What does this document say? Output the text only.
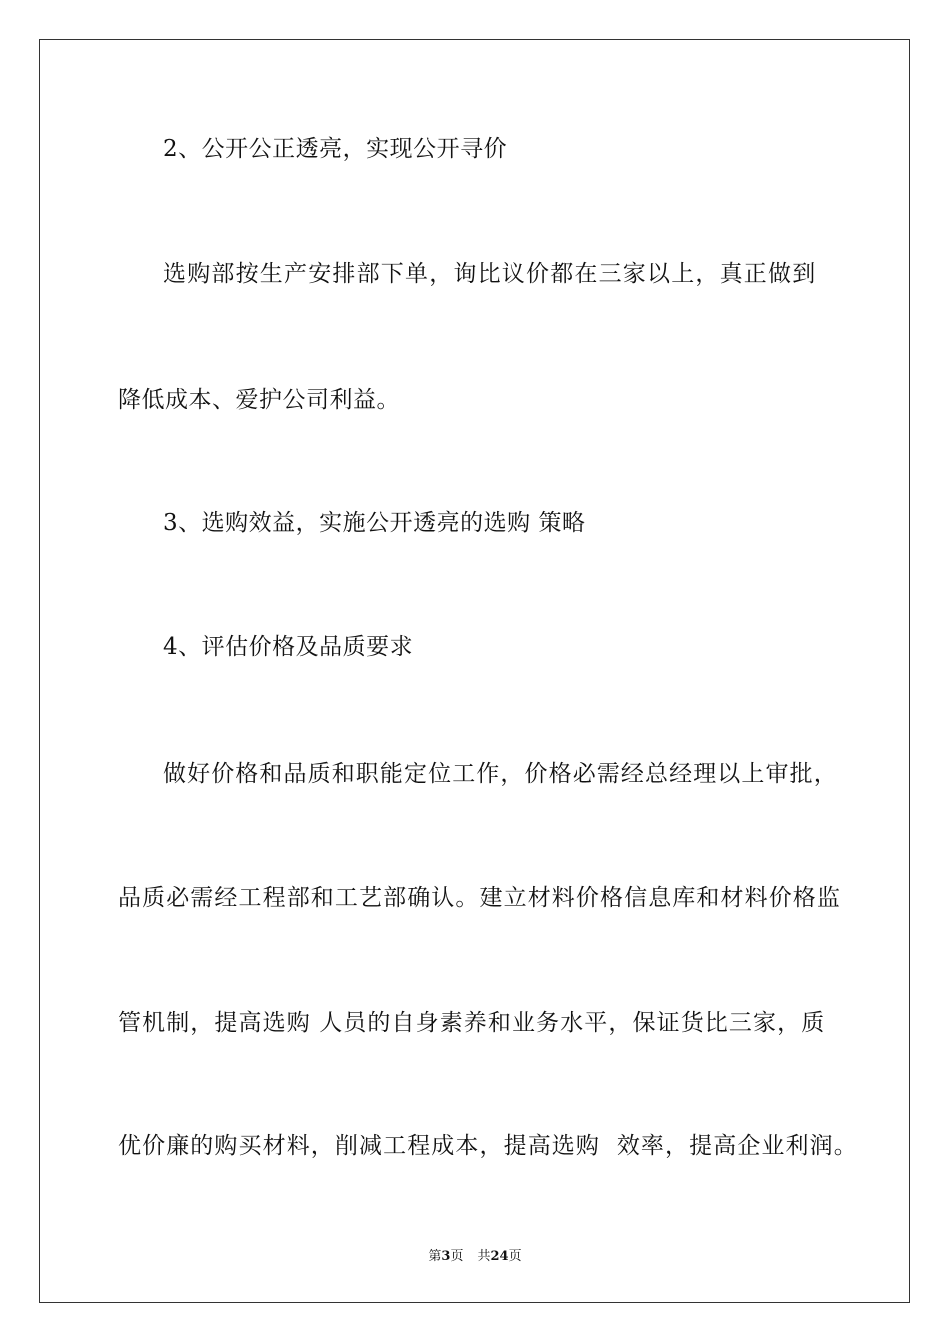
2、公开公正透亮，实现公开寻价
选购部按生产安排部下单，询比议价都在三家以上，真正做到
降低成本、爱护公司利益。
3、选购效益，实施公开透亮的选购 策略
4、评估价格及品质要求
做好价格和品质和职能定位工作，价格必需经总经理以上审批，
品质必需经工程部和工艺部确认。建立材料价格信息库和材料价格监
管机制，提高选购 人员的自身素养和业务水平，保证货比三家，质
优价廉的购买材料，削减工程成本，提高选购  效率，提高企业利润。
第3页 共24页
